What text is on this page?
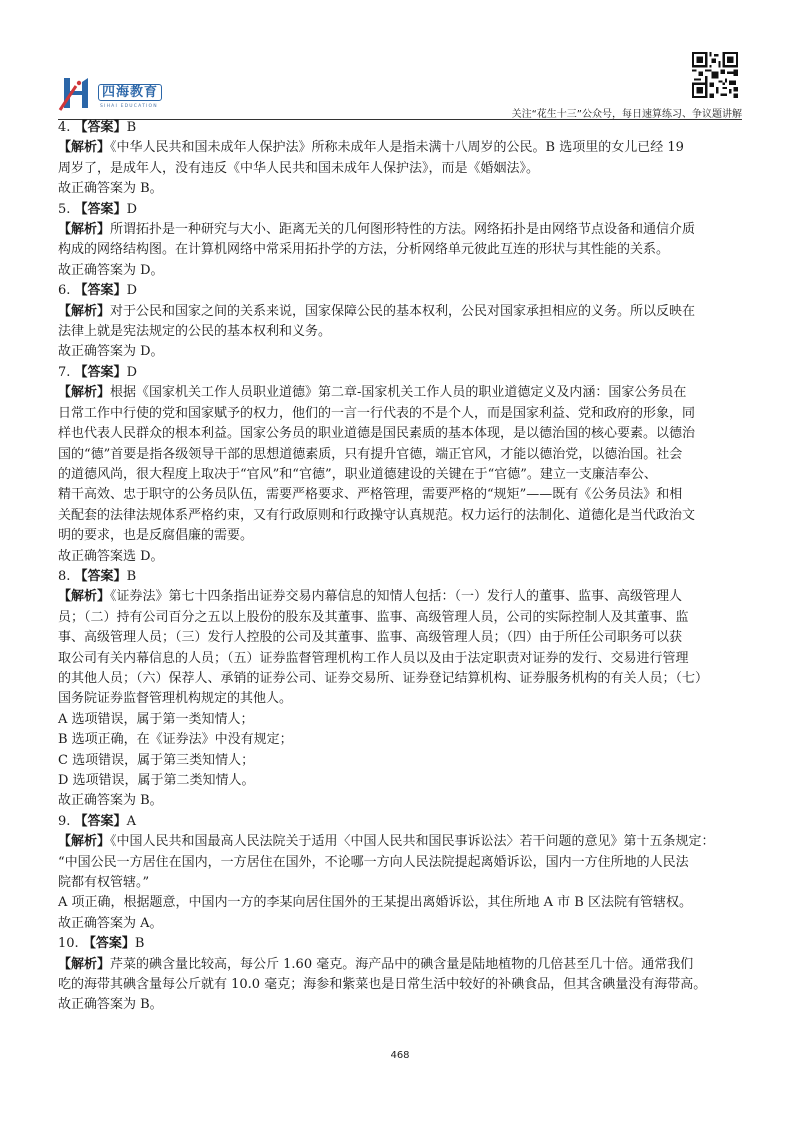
四海教育
SIHAI EDUCATION
关注“花生十三”公众号，每日速算练习、争议题讲解

4. 【答案】B

【解析】《中华人民共和国未成年人保护法》所称未成年人是指未满十八周岁的公民。B 选项里的女儿已经 19

周岁了，是成年人，没有违反《中华人民共和国未成年人保护法》，而是《婚姻法》。

故正确答案为 B。

5. 【答案】D

【解析】所谓拓扑是一种研究与大小、距离无关的几何图形特性的方法。网络拓扑是由网络节点设备和通信介质

构成的网络结构图。在计算机网络中常采用拓扑学的方法，分析网络单元彼此互连的形状与其性能的关系。

故正确答案为 D。

6. 【答案】D

【解析】对于公民和国家之间的关系来说，国家保障公民的基本权利，公民对国家承担相应的义务。所以反映在

法律上就是宪法规定的公民的基本权利和义务。

故正确答案为 D。

7. 【答案】D

【解析】根据《国家机关工作人员职业道德》第二章-国家机关工作人员的职业道德定义及内涵：国家公务员在

日常工作中行使的党和国家赋予的权力，他们的一言一行代表的不是个人，而是国家利益、党和政府的形象，同

样也代表人民群众的根本利益。国家公务员的职业道德是国民素质的基本体现，是以德治国的核心要素。以德治

国的“德”首要是指各级领导干部的思想道德素质，只有提升官德，端正官风，才能以德治党，以德治国。社会

的道德风尚，很大程度上取决于“官风”和“官德”，职业道德建设的关键在于“官德”。建立一支廉洁奉公、

精干高效、忠于职守的公务员队伍，需要严格要求、严格管理，需要严格的“规矩”——既有《公务员法》和相

关配套的法律法规体系严格约束，又有行政原则和行政操守认真规范。权力运行的法制化、道德化是当代政治文

明的要求，也是反腐倡廉的需要。

故正确答案选 D。

8. 【答案】B

【解析】《证券法》第七十四条指出证券交易内幕信息的知情人包括：（一）发行人的董事、监事、高级管理人

员；（二）持有公司百分之五以上股份的股东及其董事、监事、高级管理人员，公司的实际控制人及其董事、监

事、高级管理人员；（三）发行人控股的公司及其董事、监事、高级管理人员；（四）由于所任公司职务可以获

取公司有关内幕信息的人员；（五）证券监督管理机构工作人员以及由于法定职责对证券的发行、交易进行管理

的其他人员；（六）保荐人、承销的证券公司、证券交易所、证券登记结算机构、证券服务机构的有关人员；（七）

国务院证券监督管理机构规定的其他人。

A 选项错误，属于第一类知情人；

B 选项正确，在《证券法》中没有规定；

C 选项错误，属于第三类知情人；

D 选项错误，属于第二类知情人。

故正确答案为 B。

9. 【答案】A

【解析】《中国人民共和国最高人民法院关于适用〈中国人民共和国民事诉讼法〉若干问题的意见》第十五条规定：

“中国公民一方居住在国内，一方居住在国外，不论哪一方向人民法院提起离婚诉讼，国内一方住所地的人民法

院都有权管辖。”

A 项正确，根据题意，中国内一方的李某向居住国外的王某提出离婚诉讼，其住所地 A 市 B 区法院有管辖权。

故正确答案为 A。

10. 【答案】B

【解析】芹菜的碘含量比较高，每公斤 1.60 毫克。海产品中的碘含量是陆地植物的几倍甚至几十倍。通常我们

吃的海带其碘含量每公斤就有 10.0 毫克；海参和紫菜也是日常生活中较好的补碘食品，但其含碘量没有海带高。

故正确答案为 B。

468
